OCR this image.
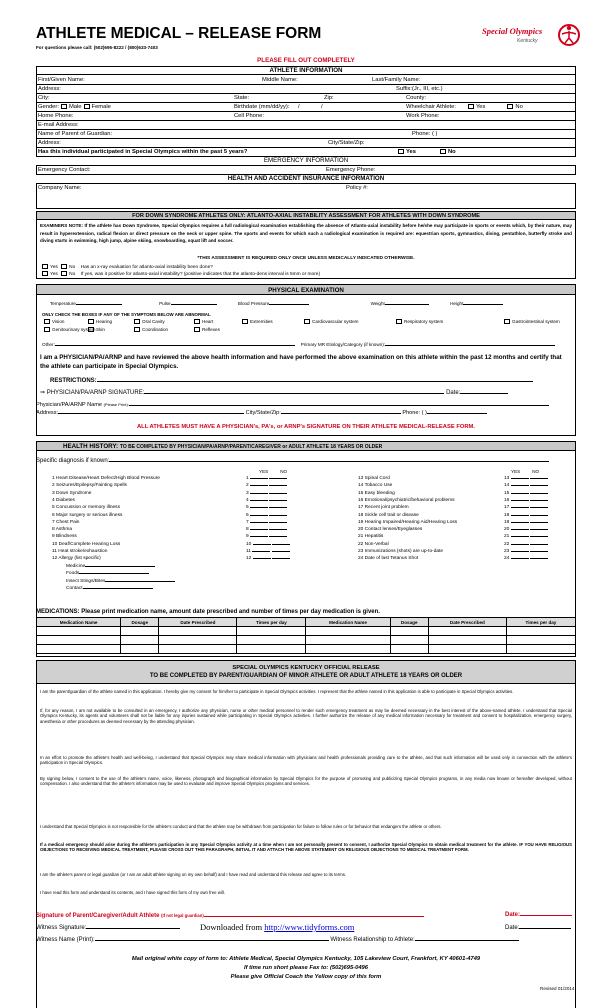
ATHLETE MEDICAL – RELEASE FORM
For questions please call: (502)695-8222 / (800)633-7403
Special Olympics
Kentucky
PLEASE FILL OUT COMPLETELY
ATHLETE INFORMATION
First/Given Name:	Middle Name:	Last/Family Name:
Address:	Suffix:(Jr., III, etc.)
City:	State:	Zip:	County:
Gender: Male Female	Birthdate (mm/dd/yy): /	/	Wheelchair Athlete:	Yes	No
Home Phone:	Cell Phone:	Work Phone:
E-mail Address:
Name of Parent of Guardian:	Phone: ( )
Address:	City/State/Zip:
Has this individual participated in Special Olympics within the past 5 years?	Yes	No
EMERGENCY INFORMATION
Emergency Contact:	Emergency Phone:
HEALTH AND ACCIDENT INSURANCE INFORMATION
Company Name:	Policy #:
FOR DOWN SYNDROME ATHLETES ONLY: ATLANTO-AXIAL INSTABILITY ASSESSMENT FOR ATHLETES WITH DOWN SYNDROME
EXAMINERS NOTE: If the athlete has Down Syndrome, Special Olympics requires a full radiological examination establishing the absence of Atlanto-axial instability before he/she may participate in sports or events which, by their nature, may result in hyperextension, radical flexion or direct pressure on the neck or upper spine. The sports and events for which such a radiological examination is required are: equestrian sports, gymnastics, diving, pentathlon, butterfly stroke and diving starts in swimming, high jump, alpine skiing, snowboarding, squat lift and soccer.
*THIS ASSESSMENT IS REQUIRED ONLY ONCE UNLESS MEDICALLY INDICATED OTHERWISE.
Yes No    Has an x-ray evaluation for atlanto-axial instability been done?
Yes No    If yes, was it positive for atlanto-axial instability? (positive indicates that the atlanto-dens interval is 5mm or more)
PHYSICAL EXAMINATION
Temperature	Pulse	Blood Pressure	Weight	Height
ONLY CHECK THE BOXES IF ANY OF THE SYMPTOMS BELOW ARE ABNORMAL
Vision	Hearing	Oral Cavity	Heart	Extremities	Cardiovascular system	Respiratory system	Gastrointestinal system
Genitourinary system Skin	Coordination	Reflexes
Other:	Primary MR Etiology/Category (if known):
I am a PHYSICIAN/PA/ARNP and have reviewed the above health information and have performed the above examination on this athlete within the past 12 months and certify that the athlete can participate in Special Olympics.
RESTRICTIONS:
⇒ PHYSICIAN/PA/ARNP SIGNATURE:	Date:
Physician/PA/ARNP Name (Please Print):
Address:	City/State/Zip:	Phone: ( )
ALL ATHLETES MUST HAVE A PHYSICIAN's, PA's, or ARNP's SIGNATURE ON THEIR ATHLETE MEDICAL-RELEASE FORM.
HEALTH HISTORY: TO BE COMPLETED BY PHYSICIAN/PA/ARNP/PARENT/CAREGIVER or ADULT ATHLETE 18 YEARS OR OLDER
Specific diagnosis if known:
YES	NO	YES	NO
1 Heart Disease/Heart Defect/High Blood Pressure	1
2 Seizures/Epilepsy/Fainting Spells	2
3 Down Syndrome	3
4 Diabetes	4
5 Concussion or memory illness	5
6 Major surgery or serious illness	6
7 Chest Pain	7
8 Asthma	8
9 Blindness	9
10 Deaf/Complete Hearing Loss	10
11 Heat stroke/exhaustion	11
12 Allergy (list specific)	12
13 Spinal Cord	13
14 Tobacco Use	14
15 Easy bleeding	15
16 Emotional/psychiatric/behavioral problems	16
17 Recent joint problem	17
18 Sickle cell trait or disease	18
19 Hearing Impaired/Hearing Aid/Hearing Loss	19
20 Contact lenses/Eyeglasses	20
21 Hepatitis	21
22 Non-Verbal	22
23 Immunizations (shots) are up-to-date	23
24 Date of last Tetanus Shot	24
Medicine
Foods
Insect Stings/Bites
Contact
MEDICATIONS: Please print medication name, amount date prescribed and number of times per day medication is given.
Medication Name	Dosage	Date Prescribed	Times per day	Medication Name	Dosage	Date Prescribed	Times per day

SPECIAL OLYMPICS KENTUCKY OFFICIAL RELEASE
TO BE COMPLETED BY PARENT/GUARDIAN OF MINOR ATHLETE OR ADULT ATHLETE 18 YEARS OR OLDER
I am the parent/guardian of the athlete named in this application. I hereby give my consent for him/her to participate in Special Olympics activities. I represent that the athlete named in this application is able to participate in Special Olympics activities.
If, for any reason, I am not available to be consulted in an emergency, I authorize any physician, nurse or other medical personnel to render such emergency treatment as may be deemed necessary in the best interest of the above-named athlete. I understand that Special Olympics Kentucky, its agents and volunteers shall not be liable for any injuries sustained while participating in Special Olympics activities. I further authorize the release of any medical information necessary for treatment and consent to hospitalization, emergency surgery, anesthesia or other procedures as deemed necessary by the attending physician.
In an effort to promote the athlete's health and well-being, I understand that Special Olympics may share medical information with physicians and health professionals providing care to the athlete, and that such information will be used only in connection with the athlete's participation in Special Olympics.
By signing below, I consent to the use of the athlete's name, voice, likeness, photograph and biographical information by Special Olympics for the purpose of promoting and publicizing Special Olympics programs, in any media now known or hereafter developed, without compensation. I also understand that the athlete's information may be used to evaluate and improve Special Olympics programs and services.
I understand that Special Olympics is not responsible for the athlete's conduct and that the athlete may be withdrawn from participation for failure to follow rules or for behavior that endangers the athlete or others.
If a medical emergency should arise during the athlete's participation in any Special Olympics activity at a time when I am not personally present to consent, I authorize Special Olympics to obtain medical treatment for the athlete. IF YOU HAVE RELIGIOUS OBJECTIONS TO RECEIVING MEDICAL TREATMENT, PLEASE CROSS OUT THIS PARAGRAPH, INITIAL IT AND ATTACH THE ABOVE STATEMENT ON RELIGIOUS OBJECTIONS TO MEDICAL TREATMENT FORM.
I am the athlete's parent or legal guardian (or I am an adult athlete signing on my own behalf) and I have read and understand this release and agree to its terms.
I have read this form and understand its contents, and I have signed this form of my own free will.
Signature of Parent/Caregiver/Adult Athlete (If not legal guardian)	Date:
Witness Signature:	Downloaded from http://www.tidyforms.com	Date:
Witness Name (Print):	Witness Relationship to Athlete:
Mail original white copy of form to: Athlete Medical, Special Olympics Kentucky, 105 Lakeview Court, Frankfort, KY 40601-4749
If time run short please Fax to: (502)695-0496
Please give Official Coach the Yellow copy of this form
Revised 01/2014
